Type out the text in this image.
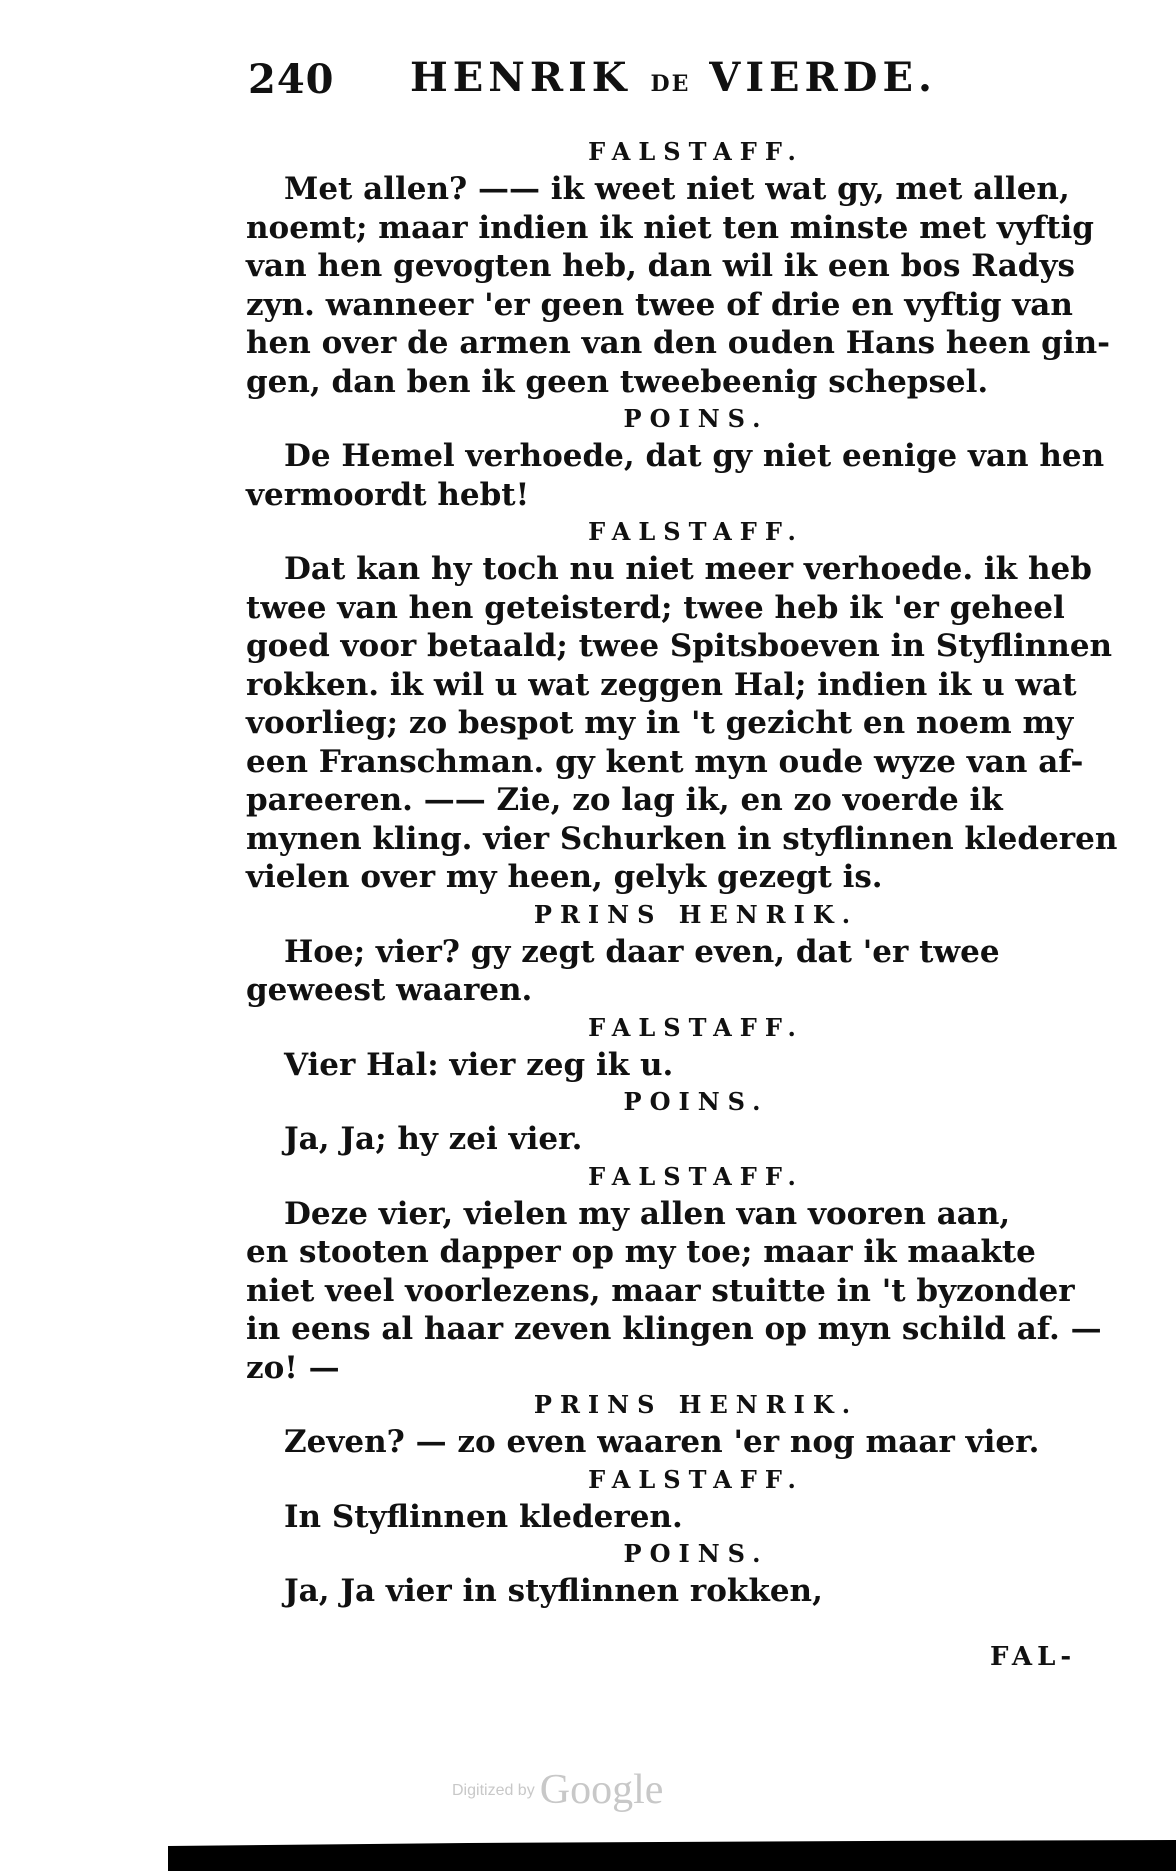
240 HENRIK DE VIERDE.
FALSTAFF.
Met allen? —— ik weet niet wat gy, met allen,
noemt; maar indien ik niet ten minste met vyftig
van hen gevogten heb, dan wil ik een bos Radys
zyn. wanneer 'er geen twee of drie en vyftig van
hen over de armen van den ouden Hans heen gin-
gen, dan ben ik geen tweebeenig schepsel.
POINS.
De Hemel verhoede, dat gy niet eenige van hen
vermoordt hebt!
FALSTAFF.
Dat kan hy toch nu niet meer verhoede. ik heb
twee van hen geteisterd; twee heb ik 'er geheel
goed voor betaald; twee Spitsboeven in Styflinnen
rokken. ik wil u wat zeggen Hal; indien ik u wat
voorlieg; zo bespot my in 't gezicht en noem my
een Franschman. gy kent myn oude wyze van af-
pareeren. —— Zie, zo lag ik, en zo voerde ik
mynen kling. vier Schurken in styflinnen klederen
vielen over my heen, gelyk gezegt is.
PRINS HENRIK.
Hoe; vier? gy zegt daar even, dat 'er twee
geweest waaren.
FALSTAFF.
Vier Hal: vier zeg ik u.
POINS.
Ja, Ja; hy zei vier.
FALSTAFF.
Deze vier, vielen my allen van vooren aan,
en stooten dapper op my toe; maar ik maakte
niet veel voorlezens, maar stuitte in 't byzonder
in eens al haar zeven klingen op myn schild af. —
zo! —
PRINS HENRIK.
Zeven? — zo even waaren 'er nog maar vier.
FALSTAFF.
In Styflinnen klederen.
POINS.
Ja, Ja vier in styflinnen rokken,
FAL-
Digitized by Google
